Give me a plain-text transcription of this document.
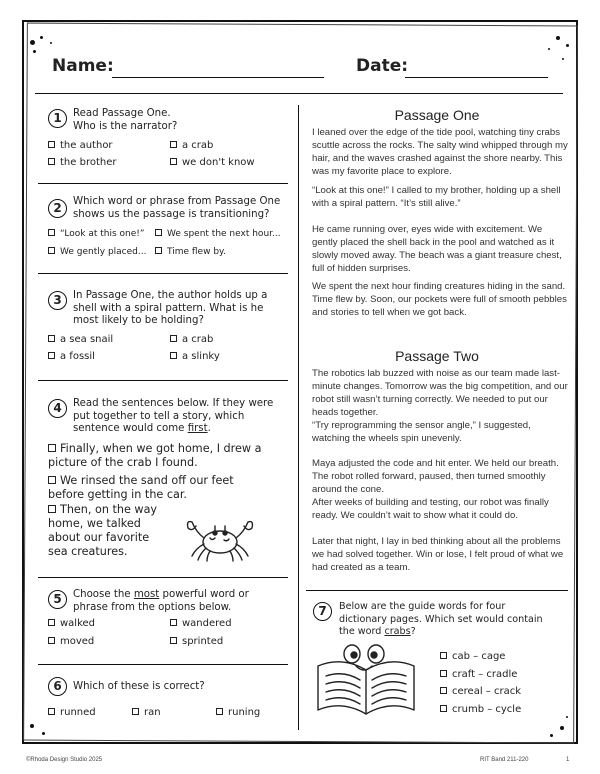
Name:	Date:
1	Read Passage One.
Who is the narrator?
the author	a crab
the brother	we don't know
2	Which word or phrase from Passage One
shows us the passage is transitioning?
“Look at this one!”	We spent the next hour...
We gently placed...	Time flew by.
3	In Passage One, the author holds up a
shell with a spiral pattern. What is he
most likely to be holding?
a sea snail	a crab
a fossil	a slinky
4	Read the sentences below. If they were
put together to tell a story, which
sentence would come first.
Finally, when we got home, I drew a
picture of the crab I found.
We rinsed the sand off our feet
before getting in the car.
Then, on the way
home, we talked
about our favorite
sea creatures.
5	Choose the most powerful word or
phrase from the options below.
walked	wandered
moved	sprinted
6	Which of these is correct?
runned	ran	runing
Passage One
I leaned over the edge of the tide pool, watching tiny crabs scuttle across the rocks. The salty wind whipped through my hair, and the waves crashed against the shore nearby. This was my favorite place to explore.
“Look at this one!” I called to my brother, holding up a shell with a spiral pattern. “It’s still alive.”
He came running over, eyes wide with excitement. We gently placed the shell back in the pool and watched as it slowly moved away. The beach was a giant treasure chest, full of hidden surprises.
We spent the next hour finding creatures hiding in the sand. Time flew by. Soon, our pockets were full of smooth pebbles and stories to tell when we got back.
Passage Two
The robotics lab buzzed with noise as our team made last-minute changes. Tomorrow was the big competition, and our robot still wasn’t turning correctly. We needed to put our heads together.
“Try reprogramming the sensor angle,” I suggested, watching the wheels spin unevenly.
Maya adjusted the code and hit enter. We held our breath. The robot rolled forward, paused, then turned smoothly around the cone.
After weeks of building and testing, our robot was finally ready. We couldn’t wait to show what it could do.
Later that night, I lay in bed thinking about all the problems we had solved together. Win or lose, I felt proud of what we had created as a team.
7	Below are the guide words for four
dictionary pages. Which set would contain
the word crabs?
cab – cage
craft – cradle
cereal – crack
crumb – cycle
©Rhoda Design Studio 2025	RIT Band 211-220	1
